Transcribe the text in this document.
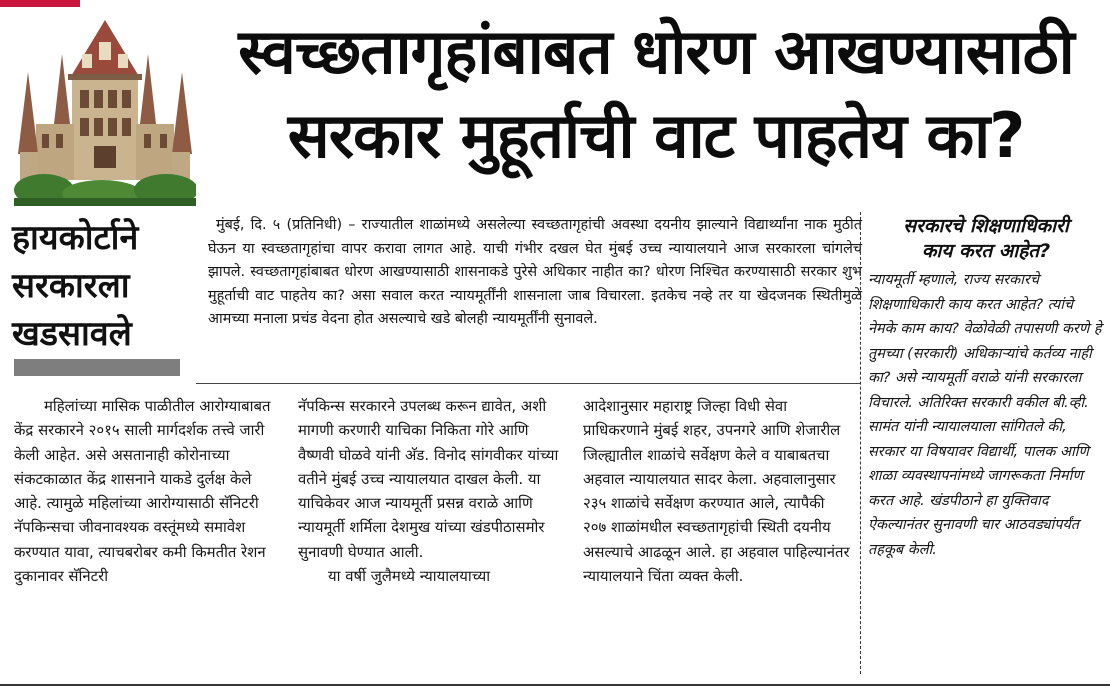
स्वच्छतागृहांबाबत धोरण आखण्यासाठी
सरकार मुहूर्ताची वाट पाहतेय का?
हायकोर्टाने
सरकारला
खडसावले

मुंबई, दि. ५ (प्रतिनिधी) – राज्यातील शाळांमध्ये असलेल्या स्वच्छतागृहांची अवस्था दयनीय झाल्याने विद्यार्थ्यांना नाक मुठीत घेऊन या स्वच्छतागृहांचा वापर करावा लागत आहे. याची गंभीर दखल घेत मुंबई उच्च न्यायालयाने आज सरकारला चांगलेच झापले. स्वच्छतागृहांबाबत धोरण आखण्यासाठी शासनाकडे पुरेसे अधिकार नाहीत का? धोरण निश्चित करण्यासाठी सरकार शुभ मुहूर्ताची वाट पाहतेय का? असा सवाल करत न्यायमूर्तींनी शासनाला जाब विचारला. इतकेच नव्हे तर या खेदजनक स्थितीमुळे आमच्या मनाला प्रचंड वेदना होत असल्याचे खडे बोलही न्यायमूर्तींनी सुनावले.

महिलांच्या मासिक पाळीतील आरोग्याबाबत केंद्र सरकारने २०१५ साली मार्गदर्शक तत्त्वे जारी केली आहेत. असे असतानाही कोरोनाच्या संकटकाळात केंद्र शासनाने याकडे दुर्लक्ष केले आहे. त्यामुळे महिलांच्या आरोग्यासाठी सॅनिटरी नॅपकिन्सचा जीवनावश्यक वस्तूंमध्ये समावेश करण्यात यावा, त्याचबरोबर कमी किमतीत रेशन दुकानावर सॅनिटरी

नॅपकिन्स सरकारने उपलब्ध करून द्यावेत, अशी मागणी करणारी याचिका निकिता गोरे आणि वैष्णवी घोळवे यांनी अ‍ॅड. विनोद सांगवीकर यांच्या वतीने मुंबई उच्च न्यायालयात दाखल केली. या याचिकेवर आज न्यायमूर्ती प्रसन्न वराळे आणि न्यायमूर्ती शर्मिला देशमुख यांच्या खंडपीठासमोर सुनावणी घेण्यात आली.

या वर्षी जुलैमध्ये न्यायालयाच्या

आदेशानुसार महाराष्ट्र जिल्हा विधी सेवा प्राधिकरणाने मुंबई शहर, उपनगरे आणि शेजारील जिल्ह्यातील शाळांचे सर्वेक्षण केले व याबाबतचा अहवाल न्यायालयात सादर केला. अहवालानुसार २३५ शाळांचे सर्वेक्षण करण्यात आले, त्यापैकी २०७ शाळांमधील स्वच्छतागृहांची स्थिती दयनीय असल्याचे आढळून आले. हा अहवाल पाहिल्यानंतर न्यायालयाने चिंता व्यक्त केली.

सरकारचे शिक्षणाधिकारी
काय करत आहेत?

न्यायमूर्ती म्हणाले, राज्य सरकारचे शिक्षणाधिकारी काय करत आहेत? त्यांचे नेमके काम काय? वेळोवेळी तपासणी करणे हे तुमच्या (सरकारी) अधिकाऱ्यांचे कर्तव्य नाही का? असे न्यायमूर्ती वराळे यांनी सरकारला विचारले. अतिरिक्त सरकारी वकील बी.व्ही. सामंत यांनी न्यायालयाला सांगितले की, सरकार या विषयावर विद्यार्थी, पालक आणि शाळा व्यवस्थापनांमध्ये जागरूकता निर्माण करत आहे. खंडपीठाने हा युक्तिवाद ऐकल्यानंतर सुनावणी चार आठवड्यांपर्यंत तहकूब केली.
